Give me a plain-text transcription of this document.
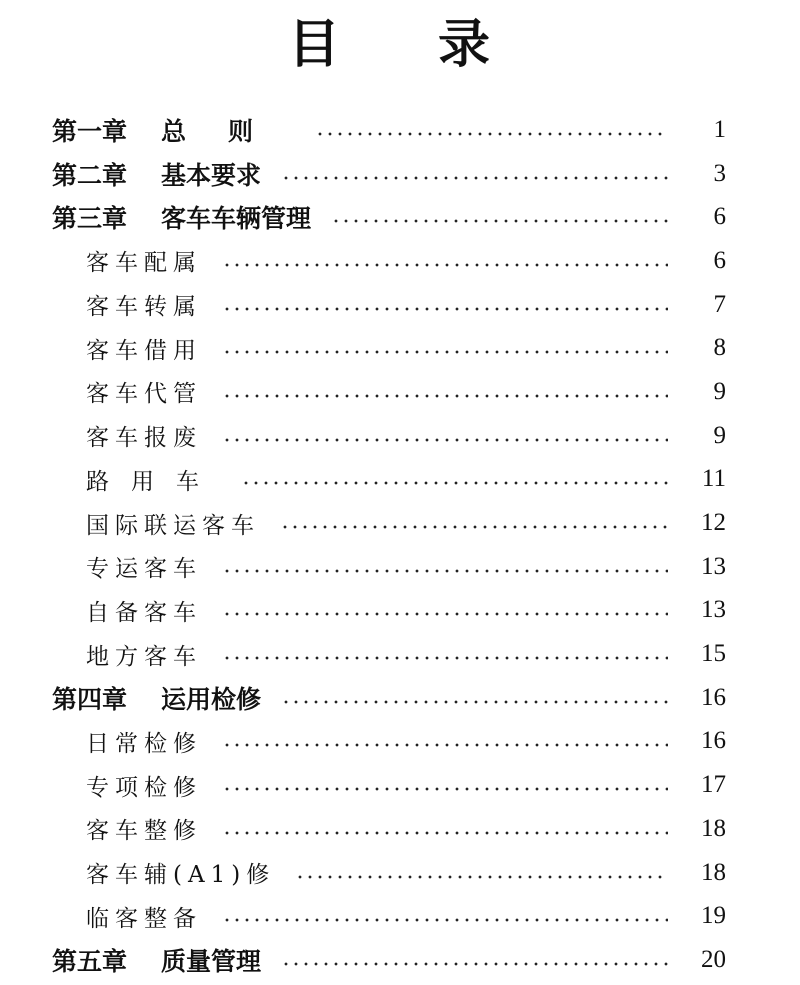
目 录
第一章 总则	1
第二章 基本要求	3
第三章 客车车辆管理	6
客车配属	6
客车转属	7
客车借用	8
客车代管	9
客车报废	9
路用车	11
国际联运客车	12
专运客车	13
自备客车	13
地方客车	15
第四章 运用检修	16
日常检修	16
专项检修	17
客车整修	18
客车辅(A1)修	18
临客整备	19
第五章 质量管理	20
